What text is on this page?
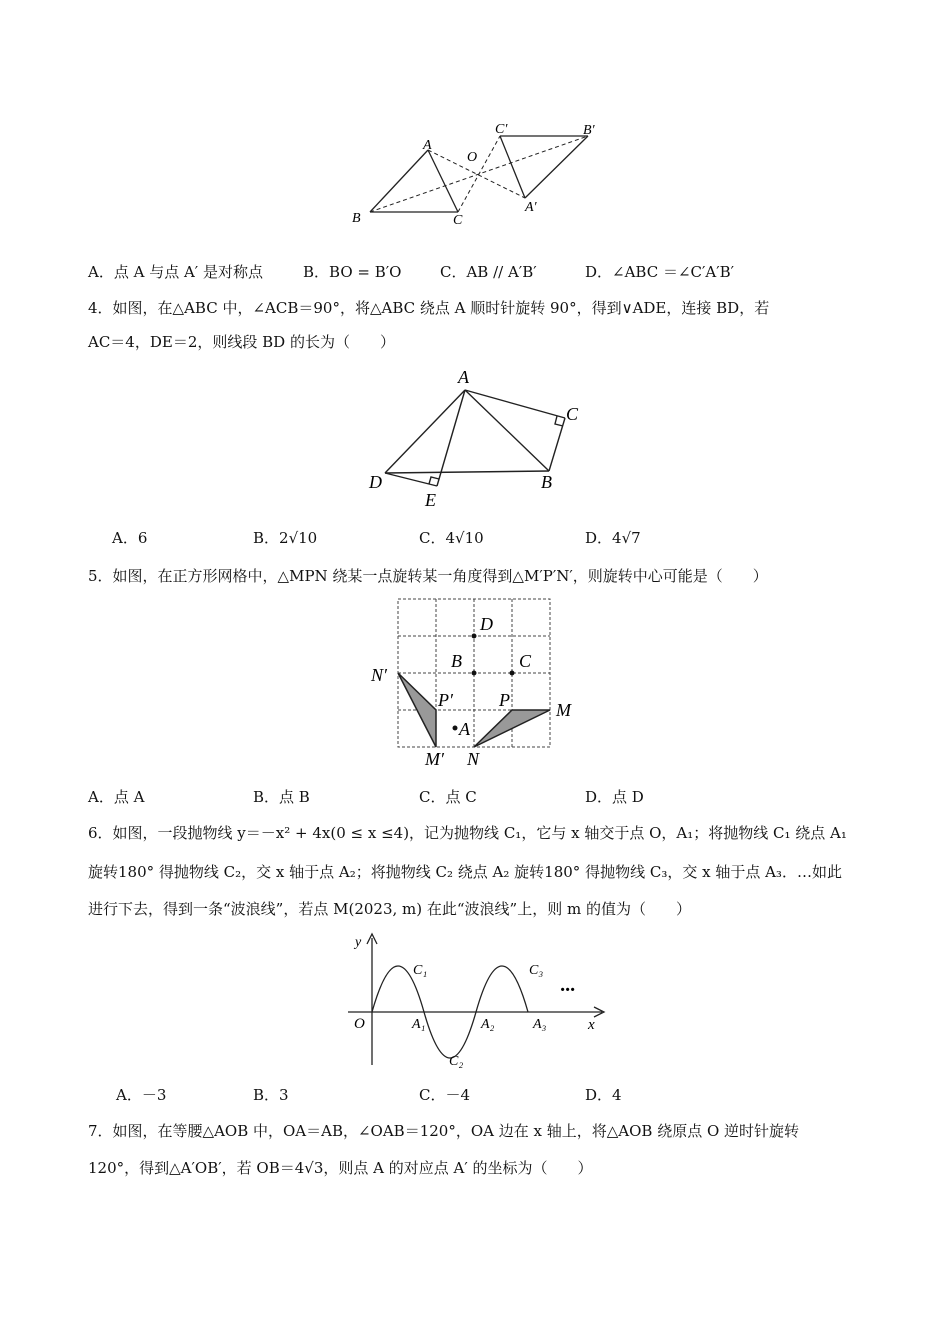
A
B	C
O
A′
B′
C′
A．点 A 与点 A′ 是对称点	B．BO = B′O	C．AB // A′B′	D．∠ABC ＝∠C′A′B′
4．如图，在△ABC 中，∠ACB＝90°，将△ABC 绕点 A 顺时针旋转 90°，得到∨ADE，连接 BD，若
AC＝4，DE＝2，则线段 BD 的长为（　　）
A
B
C
D
E
A．6	B．2√10	C．4√10	D．4√7
5．如图，在正方形网格中，△MPN 绕某一点旋转某一角度得到△M′P′N′，则旋转中心可能是（　　）
D
B	C
N′
P′	P	M
A
M′ N
A．点 A	B．点 B	C．点 C	D．点 D
6．如图，一段抛物线 y＝－x² + 4x(0 ≤ x ≤4)，记为抛物线 C₁，它与 x 轴交于点 O，A₁；将抛物线 C₁ 绕点 A₁
旋转180° 得抛物线 C₂，交 x 轴于点 A₂；将抛物线 C₂ 绕点 A₂ 旋转180° 得抛物线 C₃，交 x 轴于点 A₃．…如此
进行下去，得到一条“波浪线”，若点 M(2023, m) 在此“波浪线”上，则 m 的值为（　　）
y
x
O
C₁
A₁	A₂
C₂
C₃
A₃
···
A．－3	B．3	C．－4	D．4
7．如图，在等腰△AOB 中，OA＝AB，∠OAB＝120°，OA 边在 x 轴上，将△AOB 绕原点 O 逆时针旋转
120°，得到△A′OB′，若 OB＝4√3，则点 A 的对应点 A′ 的坐标为（　　）
